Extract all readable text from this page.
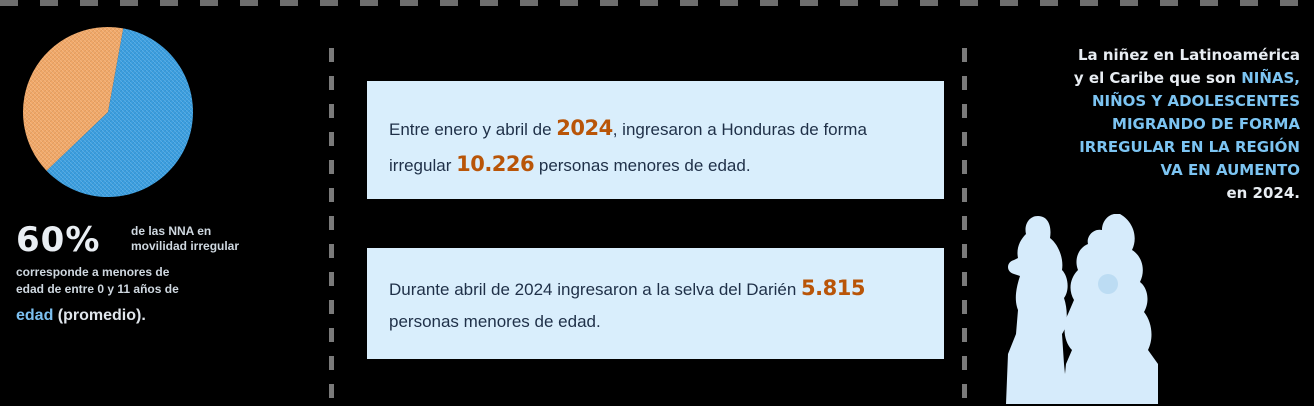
60%	de las NNA en
movilidad irregular
corresponde a menores de
edad de entre 0 y 11 años de
edad (promedio).
Entre enero y abril de 2024, ingresaron a Honduras de forma irregular 10.226 personas menores de edad.
Durante abril de 2024 ingresaron a la selva del Darién 5.815 personas menores de edad.
La niñez en Latinoamérica
y el Caribe que son NIÑAS,
NIÑOS Y ADOLESCENTES
MIGRANDO DE FORMA
IRREGULAR EN LA REGIÓN
VA EN AUMENTO
en 2024.
